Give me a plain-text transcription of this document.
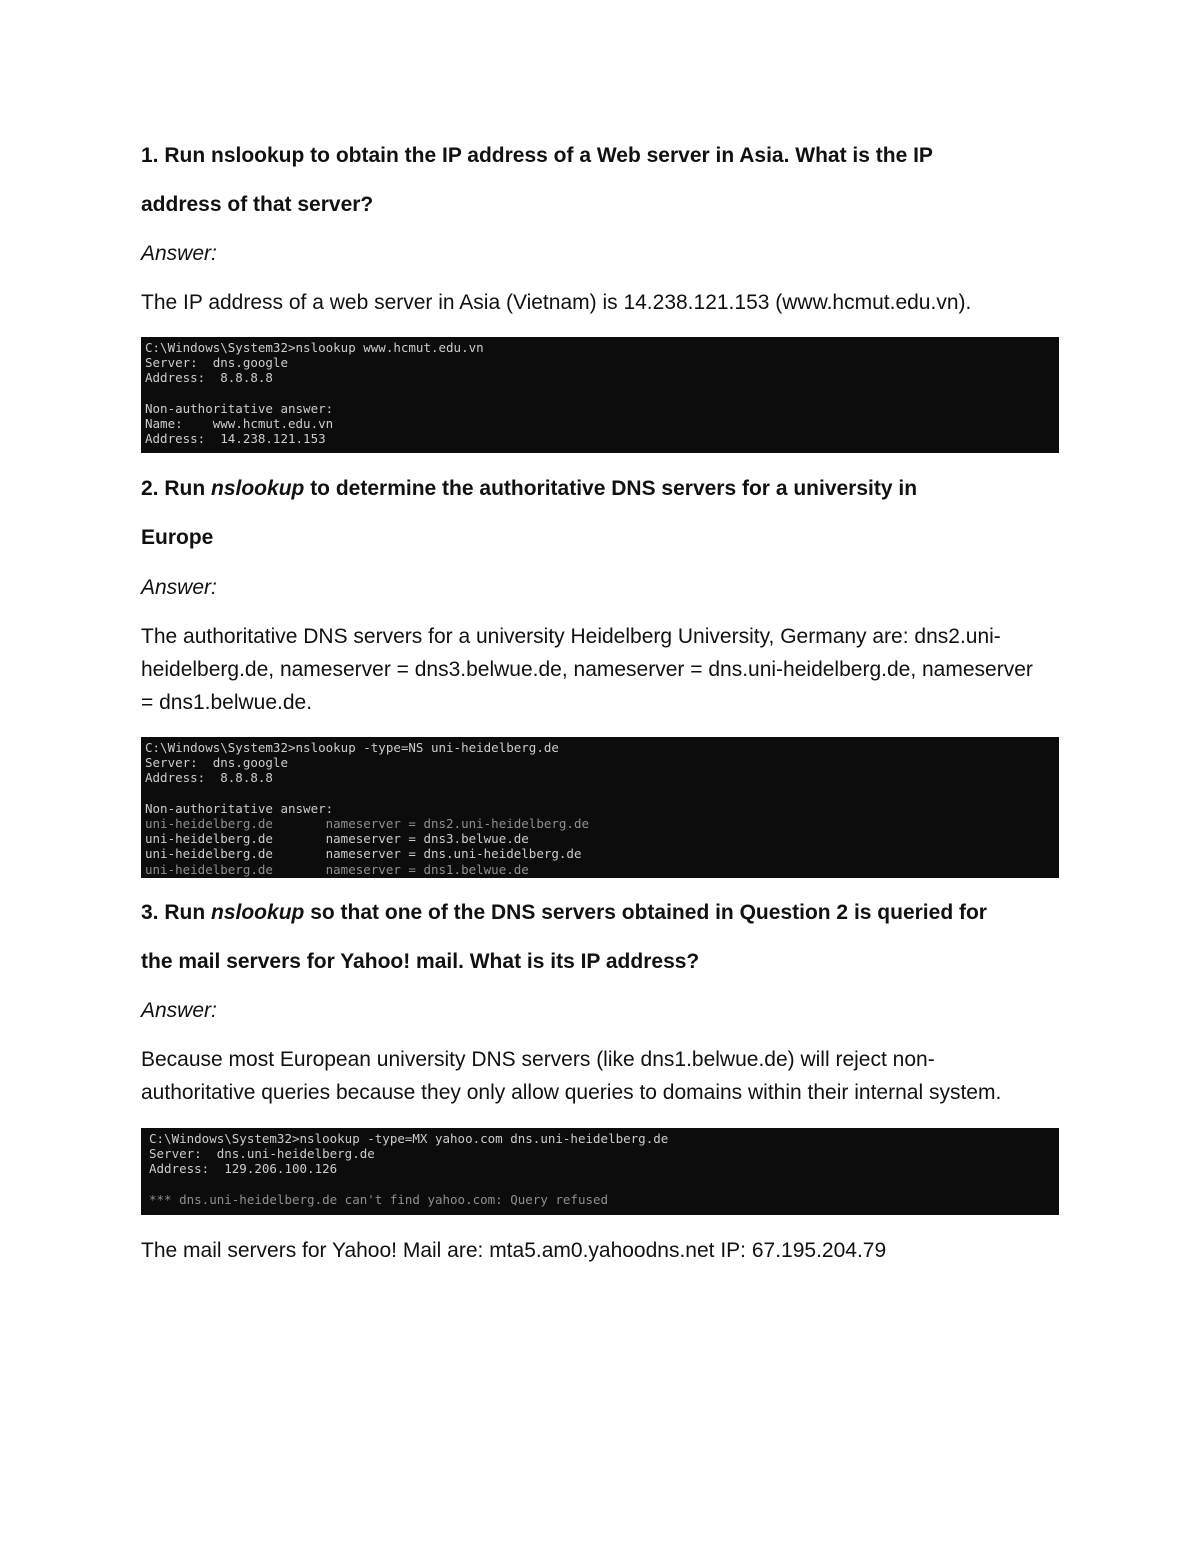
1. Run nslookup to obtain the IP address of a Web server in Asia. What is the IP
address of that server?
Answer:
The IP address of a web server in Asia (Vietnam) is 14.238.121.153 (www.hcmut.edu.vn).
C:\Windows\System32>nslookup www.hcmut.edu.vn
Server:  dns.google
Address:  8.8.8.8
Non-authoritative answer:
Name:    www.hcmut.edu.vn
Address:  14.238.121.153
2. Run nslookup to determine the authoritative DNS servers for a university in
Europe
Answer:
The authoritative DNS servers for a university Heidelberg University, Germany are: dns2.uni-
heidelberg.de, nameserver = dns3.belwue.de, nameserver = dns.uni-heidelberg.de, nameserver
= dns1.belwue.de.
C:\Windows\System32>nslookup -type=NS uni-heidelberg.de
Server:  dns.google
Address:  8.8.8.8
Non-authoritative answer:
uni-heidelberg.de       nameserver = dns2.uni-heidelberg.de
uni-heidelberg.de       nameserver = dns3.belwue.de
uni-heidelberg.de       nameserver = dns.uni-heidelberg.de
uni-heidelberg.de       nameserver = dns1.belwue.de
3. Run nslookup so that one of the DNS servers obtained in Question 2 is queried for
the mail servers for Yahoo! mail. What is its IP address?
Answer:
Because most European university DNS servers (like dns1.belwue.de) will reject non-
authoritative queries because they only allow queries to domains within their internal system.
C:\Windows\System32>nslookup -type=MX yahoo.com dns.uni-heidelberg.de
Server:  dns.uni-heidelberg.de
Address:  129.206.100.126
*** dns.uni-heidelberg.de can't find yahoo.com: Query refused
The mail servers for Yahoo! Mail are: mta5.am0.yahoodns.net IP: 67.195.204.79
